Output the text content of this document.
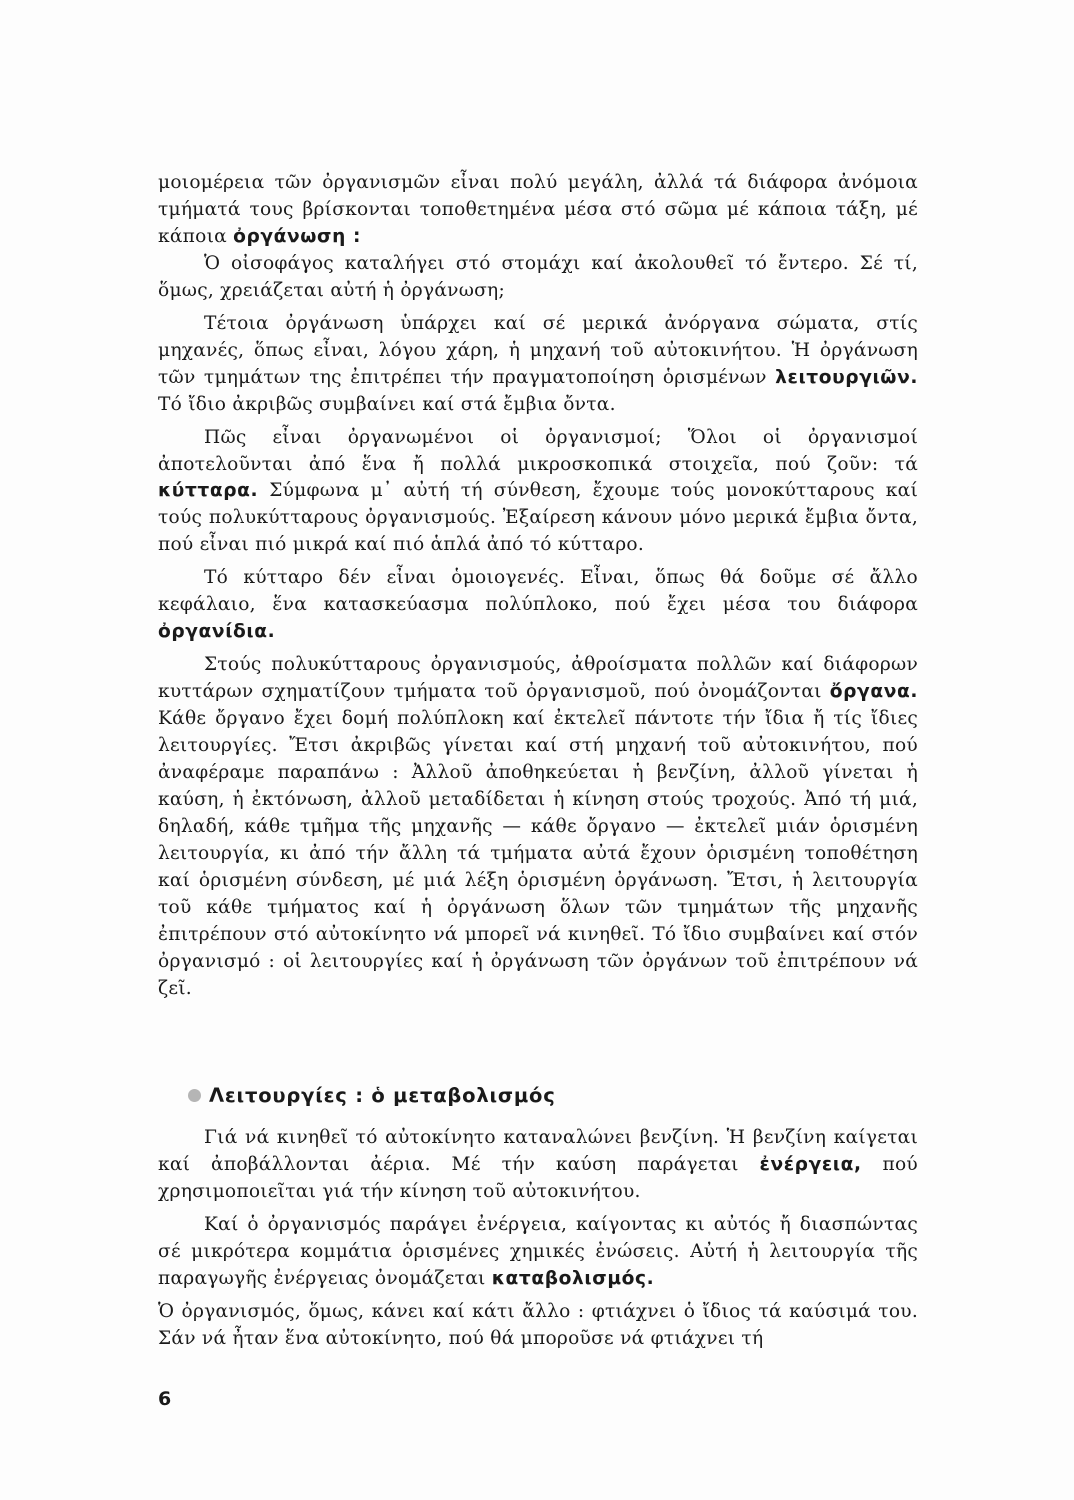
μοιομέρεια τῶν ὀργανισμῶν εἶναι πολύ μεγάλη, ἀλλά τά διάφορα ἀνόμοια τμήματά τους βρίσκονται τοποθετημένα μέσα στό σῶμα μέ κάποια τάξη, μέ κάποια ὀργάνωση :

Ὁ οἰσοφάγος καταλήγει στό στομάχι καί ἀκολουθεῖ τό ἔντερο. Σέ τί, ὅμως, χρειάζεται αὐτή ἡ ὀργάνωση;

Τέτοια ὀργάνωση ὑπάρχει καί σέ μερικά ἀνόργανα σώματα, στίς μηχανές, ὅπως εἶναι, λόγου χάρη, ἡ μηχανή τοῦ αὐτοκινήτου. Ἡ ὀργάνωση τῶν τμημάτων της ἐπιτρέπει τήν πραγματοποίηση ὁρισμένων λειτουργιῶν. Τό ἴδιο ἀκριβῶς συμβαίνει καί στά ἔμβια ὄντα.

Πῶς εἶναι ὀργανωμένοι οἱ ὀργανισμοί; Ὅλοι οἱ ὀργανισμοί ἀποτελοῦνται ἀπό ἕνα ἤ πολλά μικροσκοπικά στοιχεῖα, πού ζοῦν: τά κύτταρα. Σύμφωνα μ᾽ αὐτή τή σύνθεση, ἔχουμε τούς μονοκύτταρους καί τούς πολυκύτταρους ὀργανισμούς. Ἐξαίρεση κάνουν μόνο μερικά ἔμβια ὄντα, πού εἶναι πιό μικρά καί πιό ἁπλά ἀπό τό κύτταρο.

Τό κύτταρο δέν εἶναι ὁμοιογενές. Εἶναι, ὅπως θά δοῦμε σέ ἄλλο κεφάλαιο, ἕνα κατασκεύασμα πολύπλοκο, πού ἔχει μέσα του διάφορα ὀργανίδια.

Στούς πολυκύτταρους ὀργανισμούς, ἀθροίσματα πολλῶν καί διάφορων κυττάρων σχηματίζουν τμήματα τοῦ ὀργανισμοῦ, πού ὀνομάζονται ὄργανα. Κάθε ὄργανο ἔχει δομή πολύπλοκη καί ἐκτελεῖ πάντοτε τήν ἴδια ἤ τίς ἴδιες λειτουργίες. Ἔτσι ἀκριβῶς γίνεται καί στή μηχανή τοῦ αὐτοκινήτου, πού ἀναφέραμε παραπάνω : Ἀλλοῦ ἀποθηκεύεται ἡ βενζίνη, ἀλλοῦ γίνεται ἡ καύση, ἡ ἐκτόνωση, ἀλλοῦ μεταδίδεται ἡ κίνηση στούς τροχούς. Ἀπό τή μιά, δηλαδή, κάθε τμῆμα τῆς μηχανῆς — κάθε ὄργανο — ἐκτελεῖ μιάν ὁρισμένη λειτουργία, κι ἀπό τήν ἄλλη τά τμήματα αὐτά ἔχουν ὁρισμένη τοποθέτηση καί ὁρισμένη σύνδεση, μέ μιά λέξη ὁρισμένη ὀργάνωση. Ἔτσι, ἡ λειτουργία τοῦ κάθε τμήματος καί ἡ ὀργάνωση ὅλων τῶν τμημάτων τῆς μηχανῆς ἐπιτρέπουν στό αὐτοκίνητο νά μπορεῖ νά κινηθεῖ. Τό ἴδιο συμβαίνει καί στόν ὀργανισμό : οἱ λειτουργίες καί ἡ ὀργάνωση τῶν ὀργάνων τοῦ ἐπιτρέπουν νά ζεῖ.

Λειτουργίες : ὁ μεταβολισμός

Γιά νά κινηθεῖ τό αὐτοκίνητο καταναλώνει βενζίνη. Ἡ βενζίνη καίγεται καί ἀποβάλλονται ἀέρια. Μέ τήν καύση παράγεται ἐνέργεια, πού χρησιμοποιεῖται γιά τήν κίνηση τοῦ αὐτοκινήτου.

Καί ὁ ὀργανισμός παράγει ἐνέργεια, καίγοντας κι αὐτός ἤ διασπώντας σέ μικρότερα κομμάτια ὁρισμένες χημικές ἐνώσεις. Αὐτή ἡ λειτουργία τῆς παραγωγῆς ἐνέργειας ὀνομάζεται καταβολισμός.

Ὁ ὀργανισμός, ὅμως, κάνει καί κάτι ἄλλο : φτιάχνει ὁ ἴδιος τά καύσιμά του. Σάν νά ἦταν ἕνα αὐτοκίνητο, πού θά μποροῦσε νά φτιάχνει τή

6
